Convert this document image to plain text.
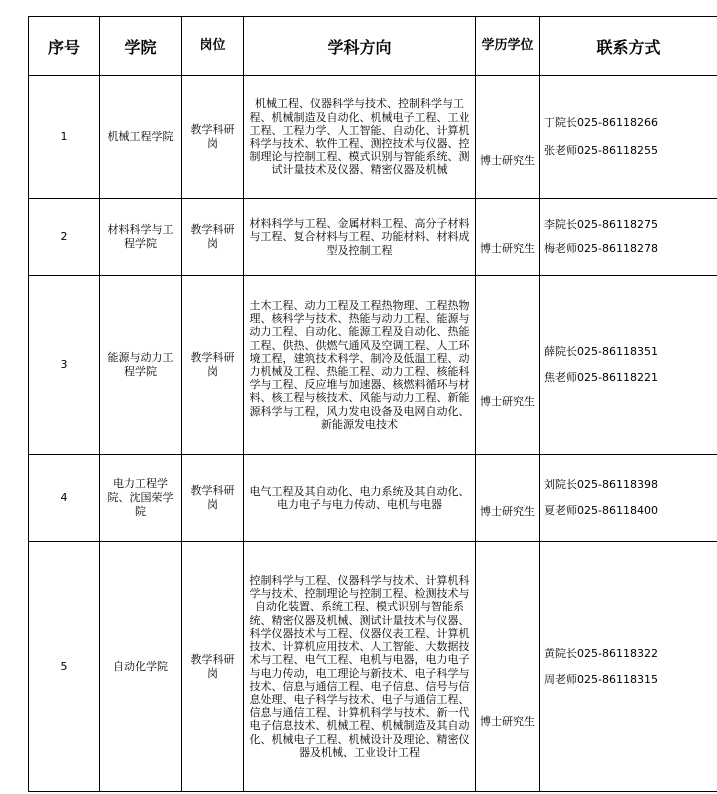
序号	学院	岗位	学科方向	学历学位	联系方式
1	机械工程学院	教学科研岗	机械工程、仪器科学与技术、控制科学与工程、机械制造及自动化、机械电子工程、工业工程、工程力学、人工智能、自动化、计算机科学与技术、软件工程、测控技术与仪器、控制理论与控制工程、模式识别与智能系统、测试计量技术及仪器、精密仪器及机械	博士研究生	丁院长025-86118266
张老师025-86118255

2	材料科学与工程学院	教学科研岗	材料科学与工程、金属材料工程、高分子材料与工程、复合材料与工程、功能材料、材料成型及控制工程	博士研究生	李院长025-86118275
梅老师025-86118278

3	能源与动力工程学院	教学科研岗	土木工程、动力工程及工程热物理、工程热物理、核科学与技术、热能与动力工程、能源与动力工程、自动化、能源工程及自动化、热能工程、供热、供燃气通风及空调工程、人工环境工程，建筑技术科学、制冷及低温工程、动力机械及工程、热能工程、动力工程、核能科学与工程、反应堆与加速器、核燃料循环与材料、核工程与核技术、风能与动力工程、新能源科学与工程，风力发电设备及电网自动化、新能源发电技术	博士研究生	薛院长025-86118351
焦老师025-86118221

4	电力工程学院、沈国荣学院	教学科研岗	电气工程及其自动化、电力系统及其自动化、电力电子与电力传动、电机与电器	博士研究生	刘院长025-86118398
夏老师025-86118400

5	自动化学院	教学科研岗	控制科学与工程、仪器科学与技术、计算机科学与技术、控制理论与控制工程、检测技术与自动化装置、系统工程、模式识别与智能系统、精密仪器及机械、测试计量技术与仪器、科学仪器技术与工程、仪器仪表工程、计算机技术、计算机应用技术、人工智能、大数据技术与工程、电气工程、电机与电器，电力电子与电力传动，电工理论与新技术、电子科学与技术、信息与通信工程、电子信息、信号与信息处理、电子科学与技术、电子与通信工程、信息与通信工程、计算机科学与技术、新一代电子信息技术、机械工程、机械制造及其自动化、机械电子工程、机械设计及理论、精密仪器及机械、工业设计工程	博士研究生	黄院长025-86118322
周老师025-86118315
